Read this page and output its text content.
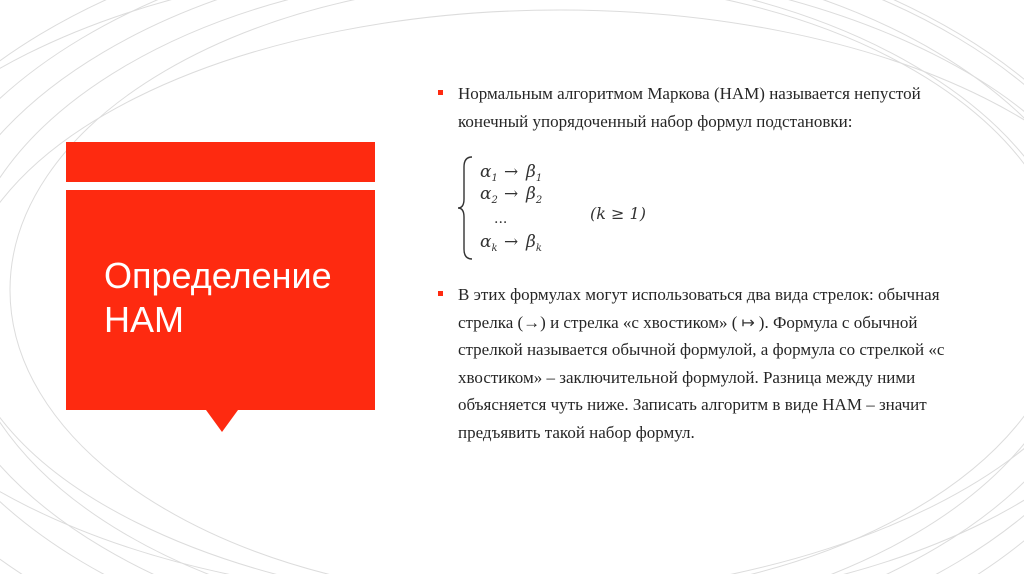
Определение
НАМ

Нормальным алгоритмом Маркова (НАМ) называется непустой конечный упорядоченный набор формул подстановки:

$\alpha_1 \to \beta_1$
$\alpha_2 \to \beta_2$
...
$\alpha_k \to \beta_k$
(k ≥ 1)

В этих формулах могут использоваться два вида стрелок: обычная стрелка (→) и стрелка «с хвостиком» ( ↦ ). Формула с обычной стрелкой называется обычной формулой, а формула со стрелкой «с хвостиком» – заключительной формулой. Разница между ними объясняется чуть ниже. Записать алгоритм в виде НАМ – значит предъявить такой набор формул.
